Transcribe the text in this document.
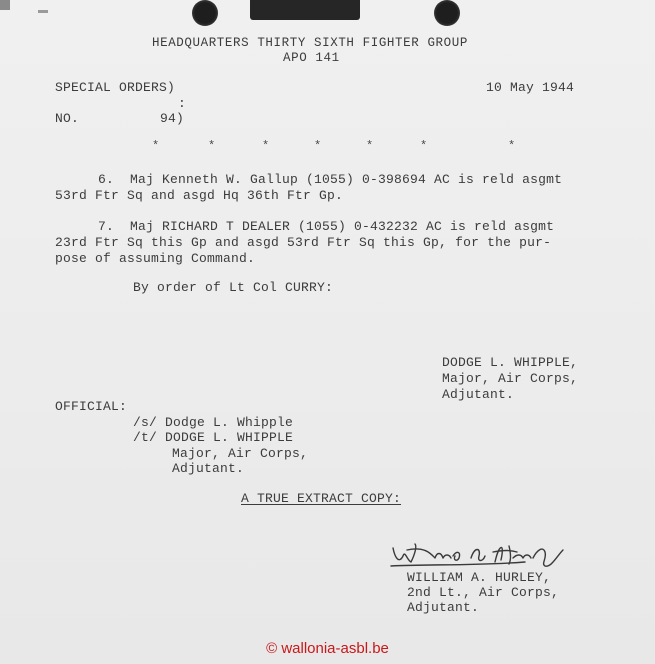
HEADQUARTERS THIRTY SIXTH FIGHTER GROUP
APO 141
SPECIAL ORDERS)	10 May 1944
:
NO.	94)
*	*	*	*	*	*	*
6.  Maj Kenneth W. Gallup (1055) 0-398694 AC is reld asgmt
53rd Ftr Sq and asgd Hq 36th Ftr Gp.
7.  Maj RICHARD T DEALER (1055) 0-432232 AC is reld asgmt
23rd Ftr Sq this Gp and asgd 53rd Ftr Sq this Gp, for the pur-
pose of assuming Command.
By order of Lt Col CURRY:
DODGE L. WHIPPLE,
Major, Air Corps,
Adjutant.
OFFICIAL:
/s/ Dodge L. Whipple
/t/ DODGE L. WHIPPLE
Major, Air Corps,
Adjutant.
A TRUE EXTRACT COPY:
WILLIAM A. HURLEY,
2nd Lt., Air Corps,
Adjutant.
© wallonia-asbl.be
